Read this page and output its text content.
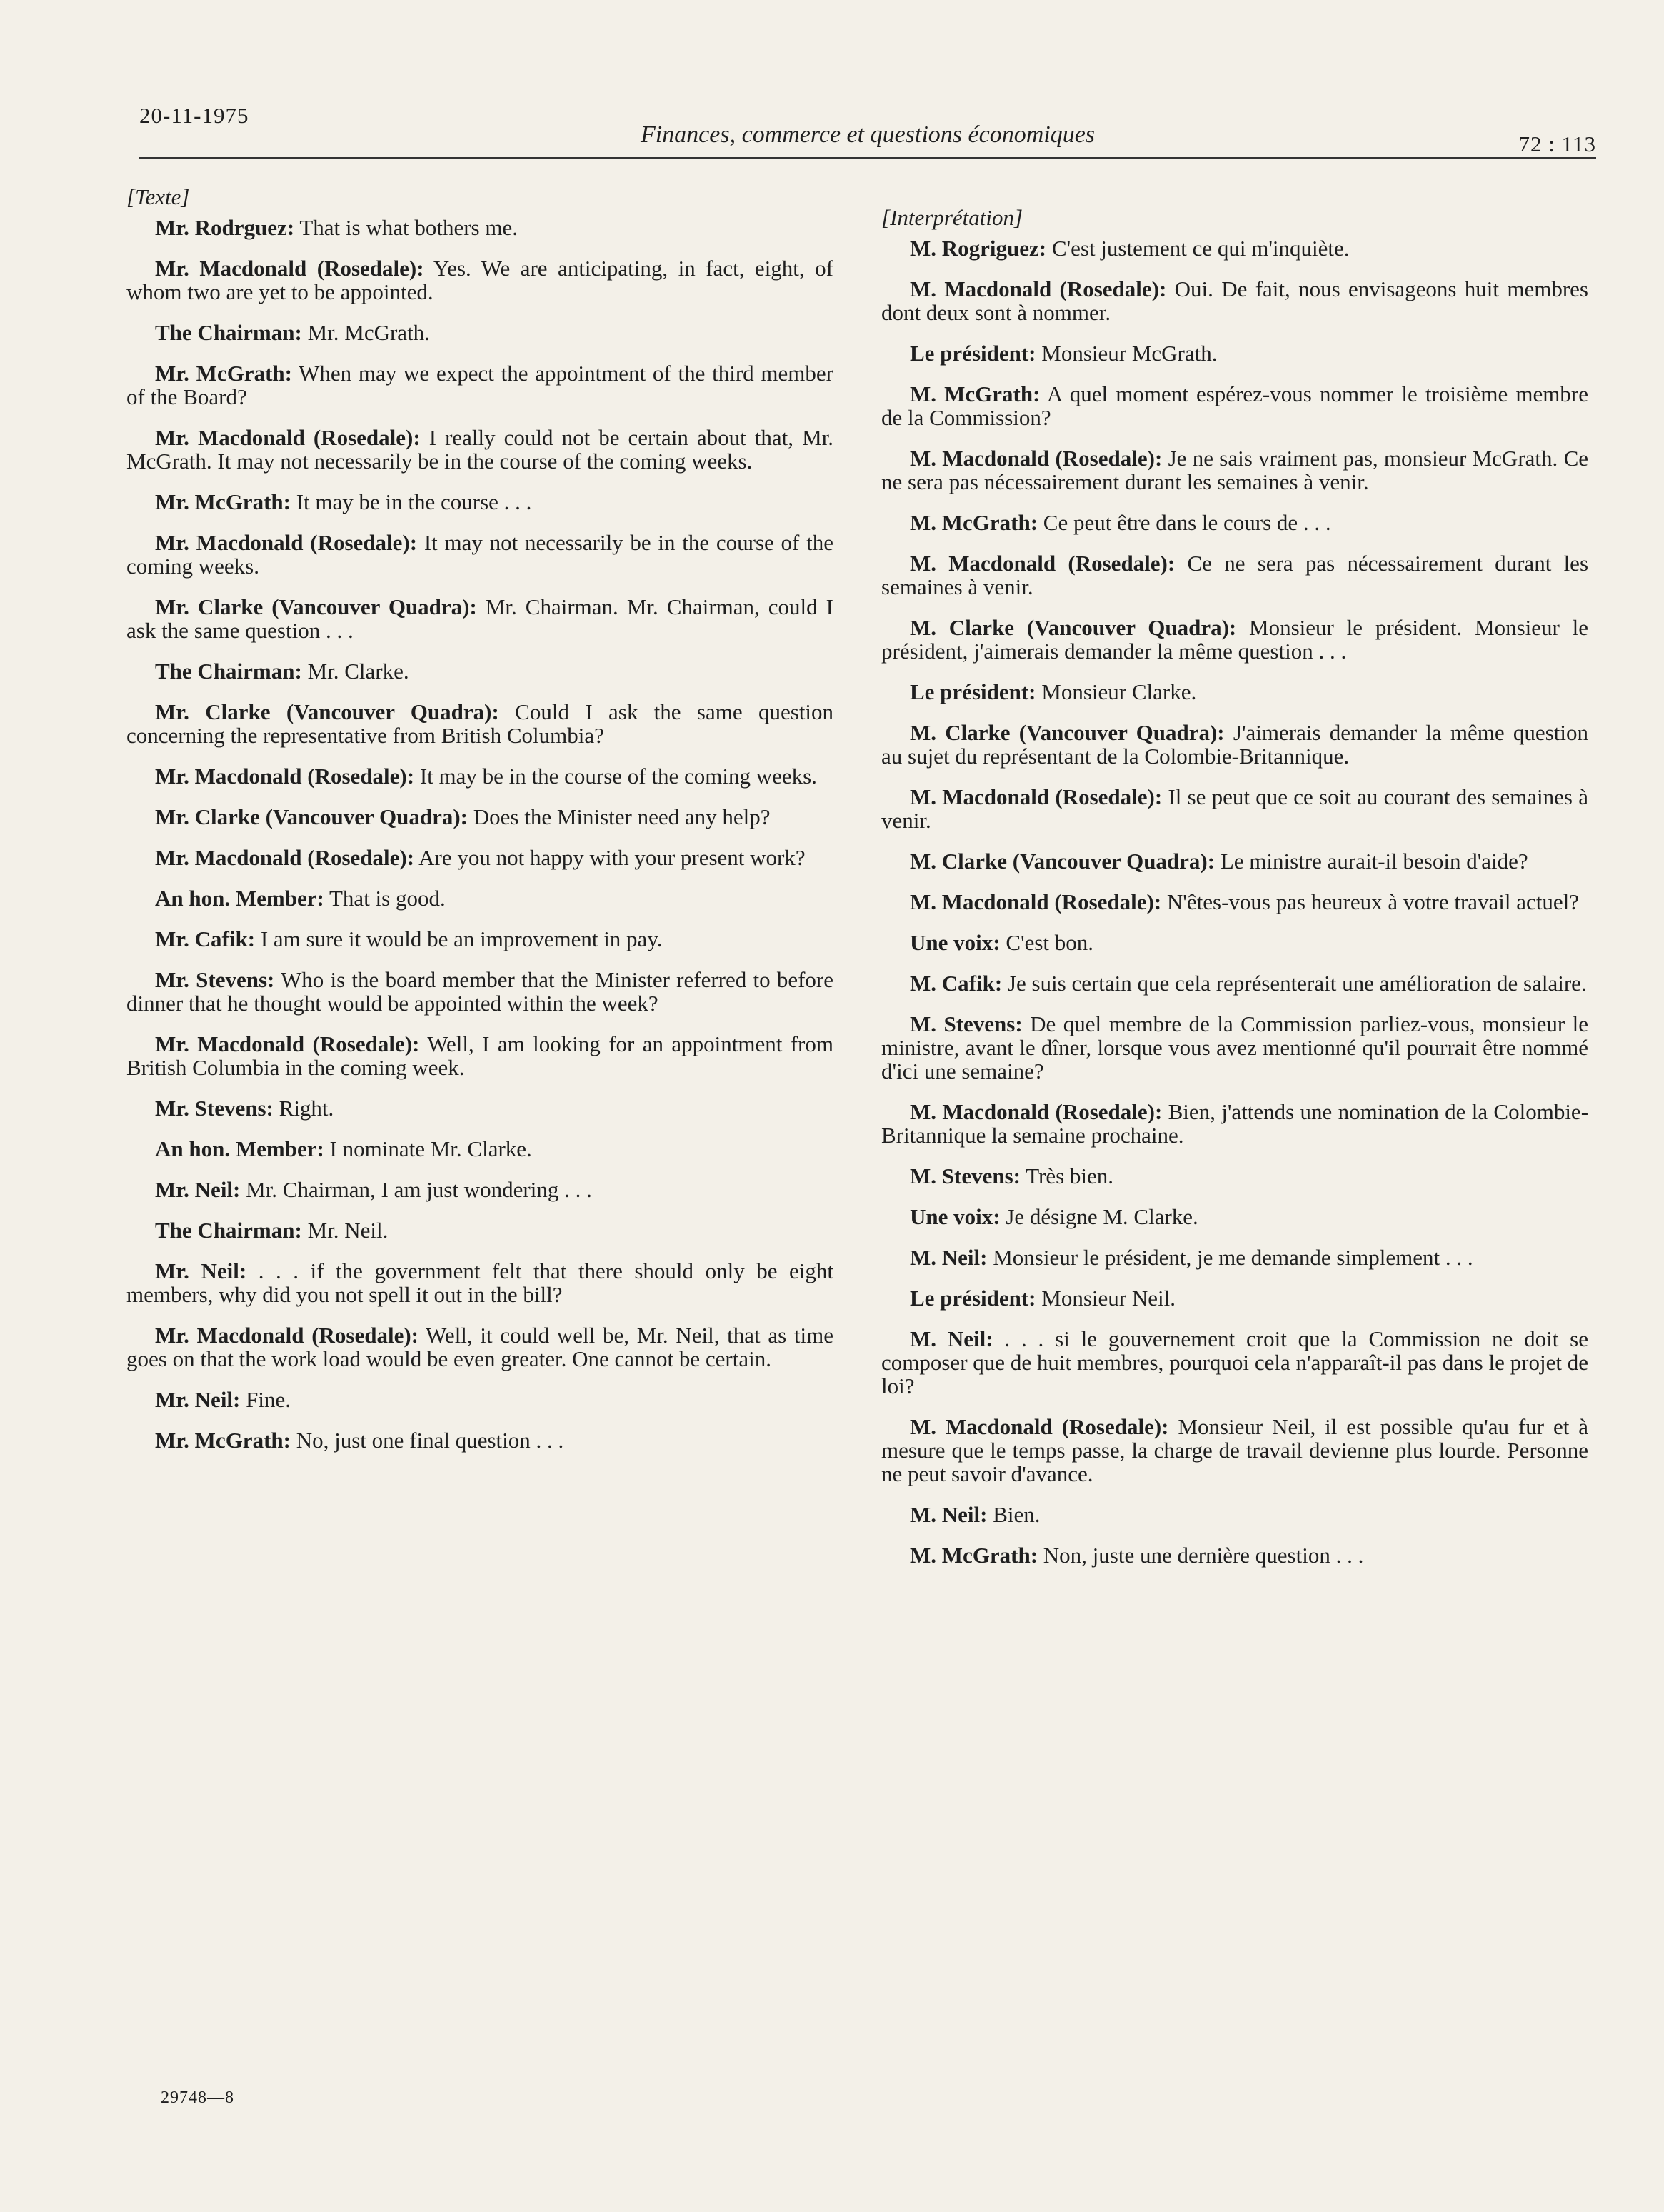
20-11-1975
Finances, commerce et questions économiques	72 : 113
[Texte]

Mr. Rodrguez: That is what bothers me.

Mr. Macdonald (Rosedale): Yes. We are anticipating, in fact, eight, of whom two are yet to be appointed.

The Chairman: Mr. McGrath.

Mr. McGrath: When may we expect the appointment of the third member of the Board?

Mr. Macdonald (Rosedale): I really could not be certain about that, Mr. McGrath. It may not necessarily be in the course of the coming weeks.

Mr. McGrath: It may be in the course . . .

Mr. Macdonald (Rosedale): It may not necessarily be in the course of the coming weeks.

Mr. Clarke (Vancouver Quadra): Mr. Chairman. Mr. Chairman, could I ask the same question . . .

The Chairman: Mr. Clarke.

Mr. Clarke (Vancouver Quadra): Could I ask the same question concerning the representative from British Columbia?

Mr. Macdonald (Rosedale): It may be in the course of the coming weeks.

Mr. Clarke (Vancouver Quadra): Does the Minister need any help?

Mr. Macdonald (Rosedale): Are you not happy with your present work?

An hon. Member: That is good.

Mr. Cafik: I am sure it would be an improvement in pay.

Mr. Stevens: Who is the board member that the Minister referred to before dinner that he thought would be appointed within the week?

Mr. Macdonald (Rosedale): Well, I am looking for an appointment from British Columbia in the coming week.

Mr. Stevens: Right.

An hon. Member: I nominate Mr. Clarke.

Mr. Neil: Mr. Chairman, I am just wondering . . .

The Chairman: Mr. Neil.

Mr. Neil: . . . if the government felt that there should only be eight members, why did you not spell it out in the bill?

Mr. Macdonald (Rosedale): Well, it could well be, Mr. Neil, that as time goes on that the work load would be even greater. One cannot be certain.

Mr. Neil: Fine.

Mr. McGrath: No, just one final question . . .

[Interprétation]

M. Rogriguez: C'est justement ce qui m'inquiète.

M. Macdonald (Rosedale): Oui. De fait, nous envisageons huit membres dont deux sont à nommer.

Le président: Monsieur McGrath.

M. McGrath: A quel moment espérez-vous nommer le troisième membre de la Commission?

M. Macdonald (Rosedale): Je ne sais vraiment pas, monsieur McGrath. Ce ne sera pas nécessairement durant les semaines à venir.

M. McGrath: Ce peut être dans le cours de . . .

M. Macdonald (Rosedale): Ce ne sera pas nécessairement durant les semaines à venir.

M. Clarke (Vancouver Quadra): Monsieur le président. Monsieur le président, j'aimerais demander la même question . . .

Le président: Monsieur Clarke.

M. Clarke (Vancouver Quadra): J'aimerais demander la même question au sujet du représentant de la Colombie-Britannique.

M. Macdonald (Rosedale): Il se peut que ce soit au courant des semaines à venir.

M. Clarke (Vancouver Quadra): Le ministre aurait-il besoin d'aide?

M. Macdonald (Rosedale): N'êtes-vous pas heureux à votre travail actuel?

Une voix: C'est bon.

M. Cafik: Je suis certain que cela représenterait une amélioration de salaire.

M. Stevens: De quel membre de la Commission parliez-vous, monsieur le ministre, avant le dîner, lorsque vous avez mentionné qu'il pourrait être nommé d'ici une semaine?

M. Macdonald (Rosedale): Bien, j'attends une nomination de la Colombie-Britannique la semaine prochaine.

M. Stevens: Très bien.

Une voix: Je désigne M. Clarke.

M. Neil: Monsieur le président, je me demande simplement . . .

Le président: Monsieur Neil.

M. Neil: . . . si le gouvernement croit que la Commission ne doit se composer que de huit membres, pourquoi cela n'apparaît-il pas dans le projet de loi?

M. Macdonald (Rosedale): Monsieur Neil, il est possible qu'au fur et à mesure que le temps passe, la charge de travail devienne plus lourde. Personne ne peut savoir d'avance.

M. Neil: Bien.

M. McGrath: Non, juste une dernière question . . .

29748—8
